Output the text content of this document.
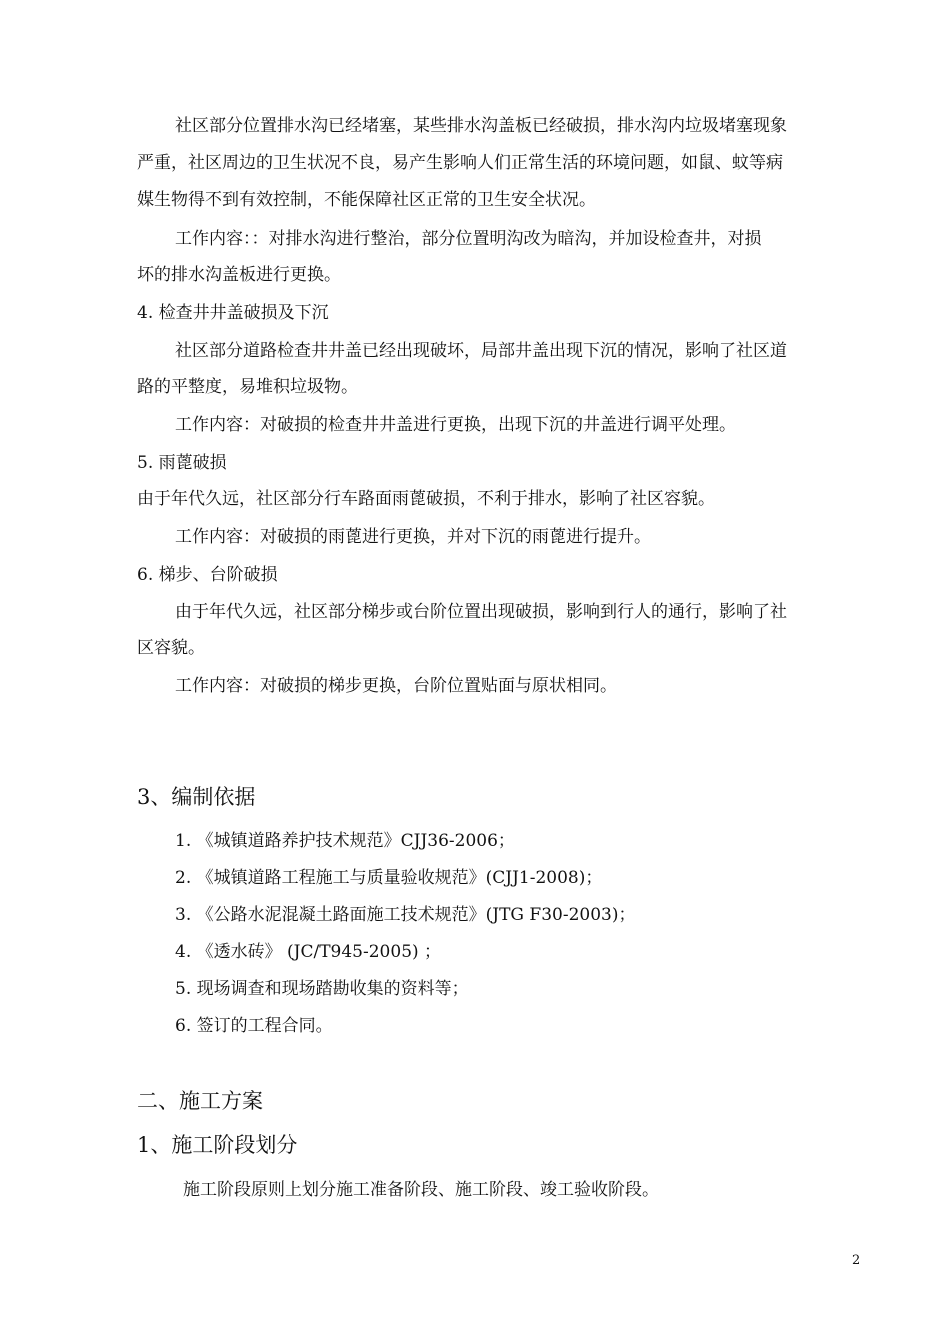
社区部分位置排水沟已经堵塞，某些排水沟盖板已经破损，排水沟内垃圾堵塞现象
严重，社区周边的卫生状况不良，易产生影响人们正常生活的环境问题，如鼠、蚊等病
媒生物得不到有效控制，不能保障社区正常的卫生安全状况。
工作内容：：对排水沟进行整治，部分位置明沟改为暗沟，并加设检查井，对损
坏的排水沟盖板进行更换。
4. 检查井井盖破损及下沉
社区部分道路检查井井盖已经出现破坏，局部井盖出现下沉的情况，影响了社区道
路的平整度，易堆积垃圾物。
工作内容：对破损的检查井井盖进行更换，出现下沉的井盖进行调平处理。
5. 雨蓖破损
由于年代久远，社区部分行车路面雨蓖破损，不利于排水，影响了社区容貌。
工作内容：对破损的雨蓖进行更换，并对下沉的雨蓖进行提升。
6. 梯步、台阶破损
由于年代久远，社区部分梯步或台阶位置出现破损，影响到行人的通行，影响了社
区容貌。
工作内容：对破损的梯步更换，台阶位置贴面与原状相同。
3、编制依据
1. 《城镇道路养护技术规范》CJJ36-2006；
2. 《城镇道路工程施工与质量验收规范》(CJJ1-2008)；
3. 《公路水泥混凝土路面施工技术规范》(JTG F30-2003)；
4. 《透水砖》 (JC/T945-2005) ；
5. 现场调查和现场踏勘收集的资料等；
6. 签订的工程合同。
二、施工方案
1、施工阶段划分
施工阶段原则上划分施工准备阶段、施工阶段、竣工验收阶段。
2
